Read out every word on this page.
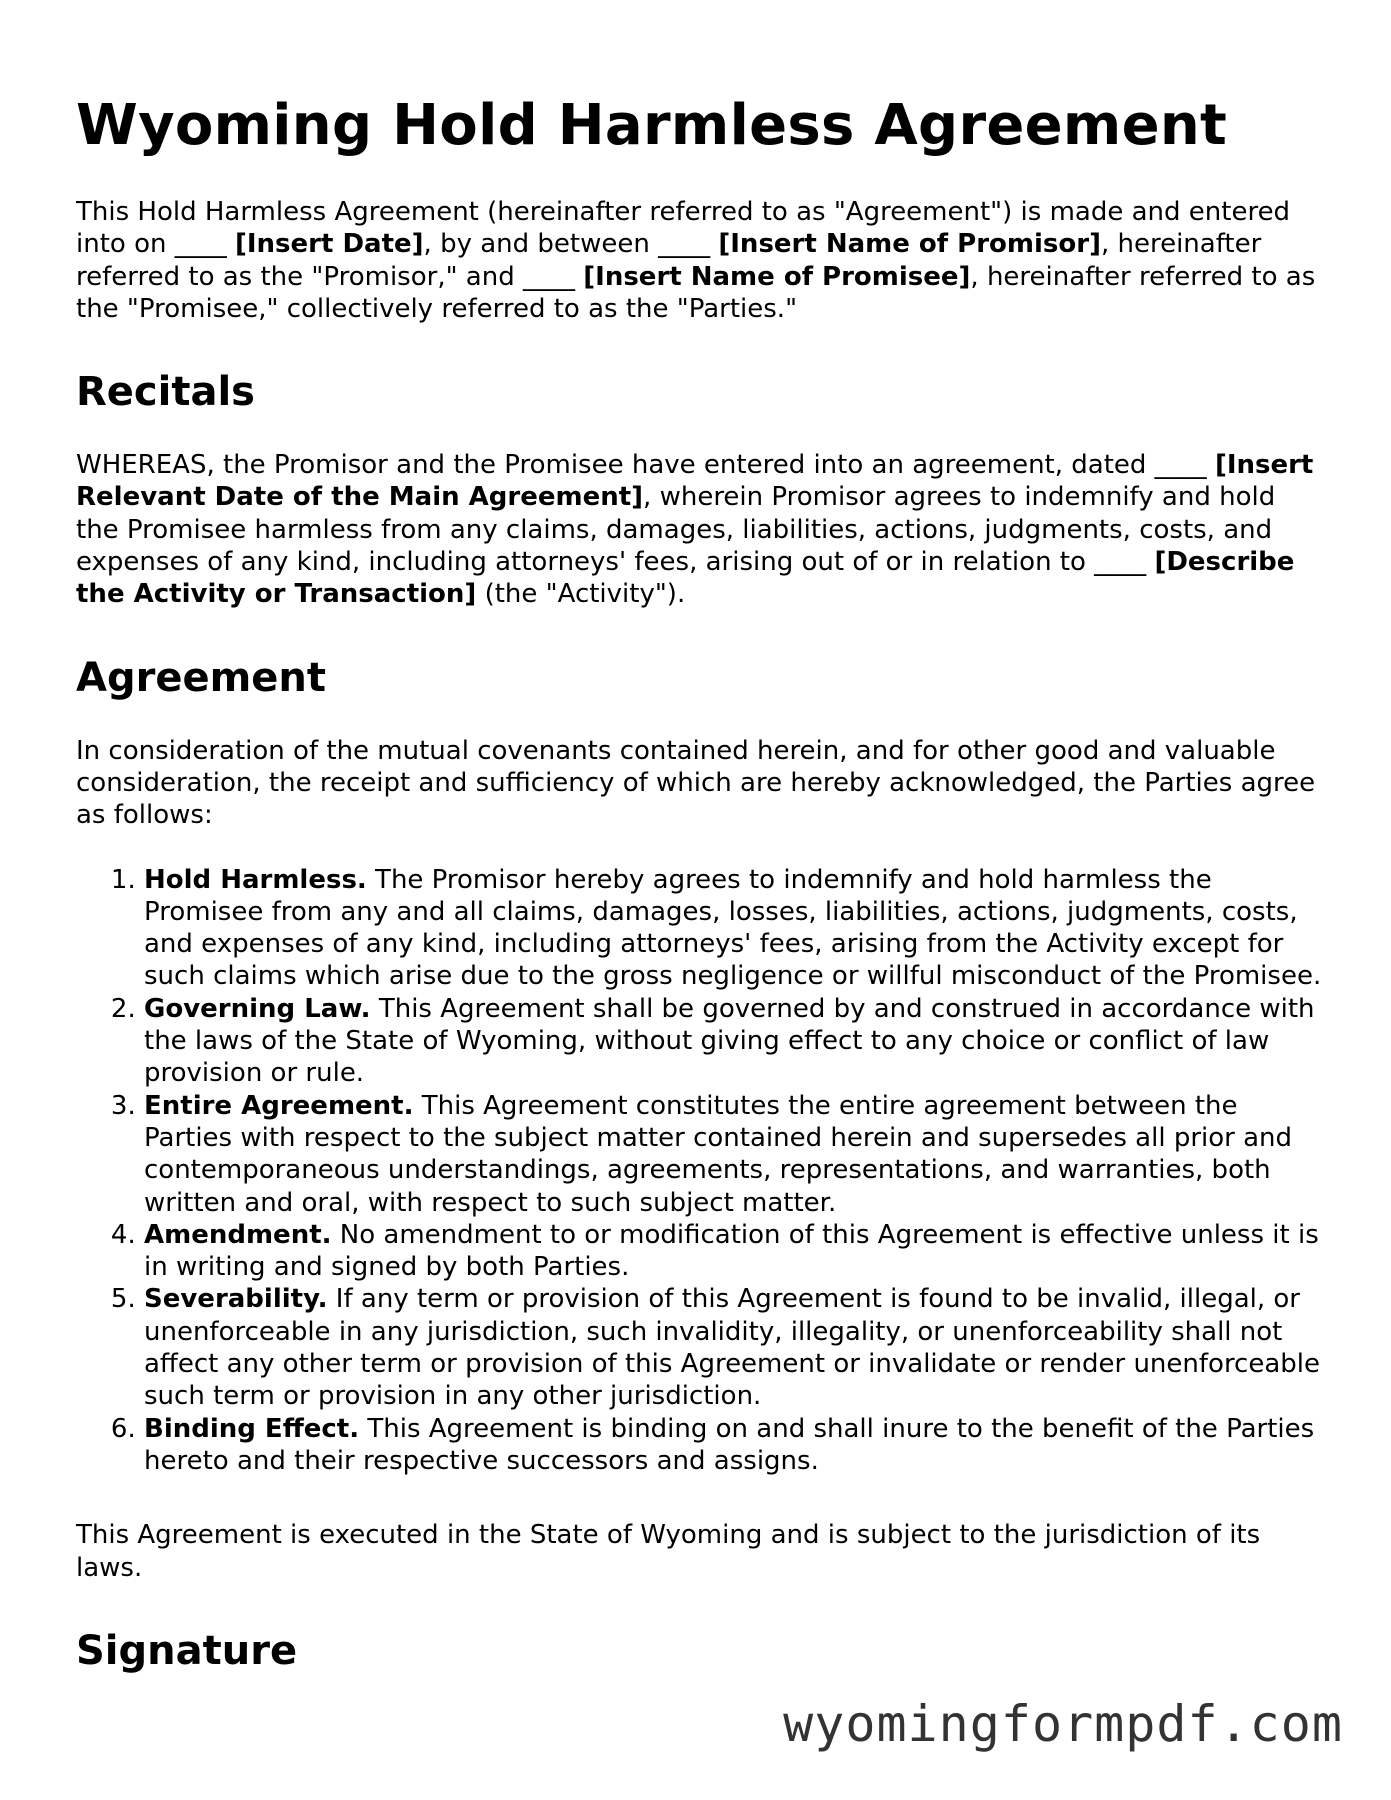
Wyoming Hold Harmless Agreement

This Hold Harmless Agreement (hereinafter referred to as "Agreement") is made and entered into on ____ [Insert Date], by and between ____ [Insert Name of Promisor], hereinafter referred to as the "Promisor," and ____ [Insert Name of Promisee], hereinafter referred to as the "Promisee," collectively referred to as the "Parties."

Recitals

WHEREAS, the Promisor and the Promisee have entered into an agreement, dated ____ [Insert Relevant Date of the Main Agreement], wherein Promisor agrees to indemnify and hold the Promisee harmless from any claims, damages, liabilities, actions, judgments, costs, and expenses of any kind, including attorneys' fees, arising out of or in relation to ____ [Describe the Activity or Transaction] (the "Activity").

Agreement

In consideration of the mutual covenants contained herein, and for other good and valuable consideration, the receipt and sufficiency of which are hereby acknowledged, the Parties agree as follows:

1. Hold Harmless. The Promisor hereby agrees to indemnify and hold harmless the Promisee from any and all claims, damages, losses, liabilities, actions, judgments, costs, and expenses of any kind, including attorneys' fees, arising from the Activity except for such claims which arise due to the gross negligence or willful misconduct of the Promisee.
2. Governing Law. This Agreement shall be governed by and construed in accordance with the laws of the State of Wyoming, without giving effect to any choice or conflict of law provision or rule.
3. Entire Agreement. This Agreement constitutes the entire agreement between the Parties with respect to the subject matter contained herein and supersedes all prior and contemporaneous understandings, agreements, representations, and warranties, both written and oral, with respect to such subject matter.
4. Amendment. No amendment to or modification of this Agreement is effective unless it is in writing and signed by both Parties.
5. Severability. If any term or provision of this Agreement is found to be invalid, illegal, or unenforceable in any jurisdiction, such invalidity, illegality, or unenforceability shall not affect any other term or provision of this Agreement or invalidate or render unenforceable such term or provision in any other jurisdiction.
6. Binding Effect. This Agreement is binding on and shall inure to the benefit of the Parties hereto and their respective successors and assigns.

This Agreement is executed in the State of Wyoming and is subject to the jurisdiction of its laws.

Signature
wyomingformpdf.com
